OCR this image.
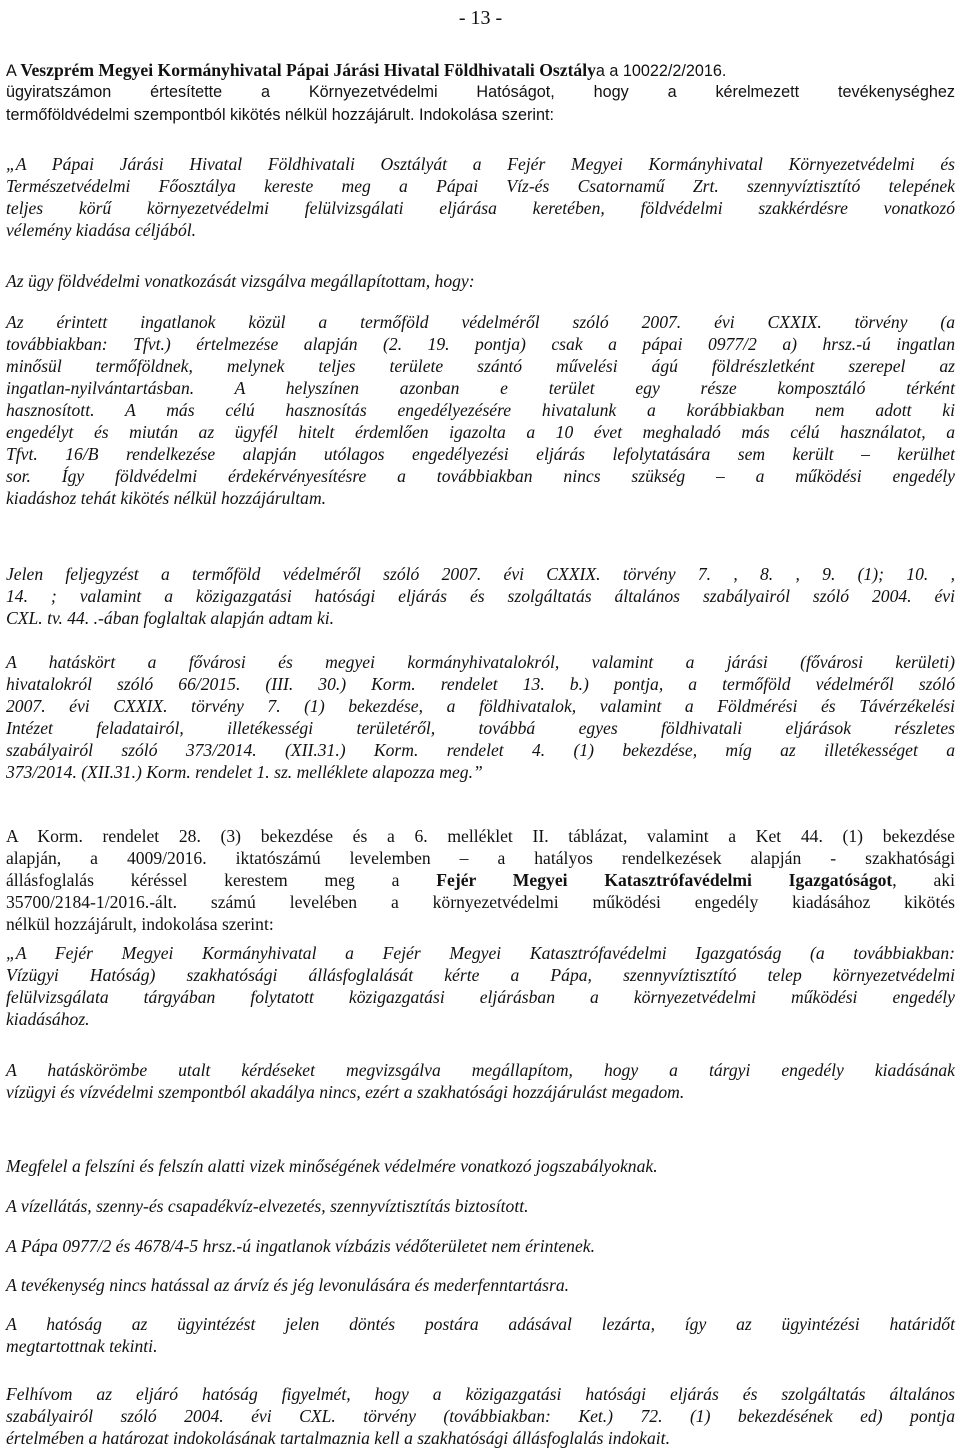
- 13 -
A Veszprém Megyei Kormányhivatal Pápai Járási Hivatal Földhivatali Osztálya a 10022/2/2016.
ügyiratszámon értesítette a Környezetvédelmi Hatóságot, hogy a kérelmezett tevékenységhez
termőföldvédelmi szempontból kikötés nélkül hozzájárult. Indokolása szerint:
„A Pápai Járási Hivatal Földhivatali Osztályát a Fejér Megyei Kormányhivatal Környezetvédelmi és
Természetvédelmi Főosztálya kereste meg a Pápai Víz-és Csatornamű Zrt. szennyvíztisztító telepének
teljes körű környezetvédelmi felülvizsgálati eljárása keretében, földvédelmi szakkérdésre vonatkozó
vélemény kiadása céljából.
Az ügy földvédelmi vonatkozását vizsgálva megállapítottam, hogy:
Az érintett ingatlanok közül a termőföld védelméről szóló 2007. évi CXXIX. törvény (a
továbbiakban: Tfvt.) értelmezése alapján (2. 19. pontja) csak a pápai 0977/2 a) hrsz.-ú ingatlan
minősül termőföldnek, melynek teljes területe szántó művelési ágú földrészletként szerepel az
ingatlan-nyilvántartásban. A helyszínen azonban e terület egy része komposztáló térként
hasznosított. A más célú hasznosítás engedélyezésére hivatalunk a korábbiakban nem adott ki
engedélyt és miután az ügyfél hitelt érdemlően igazolta a 10 évet meghaladó más célú használatot, a
Tfvt. 16/B rendelkezése alapján utólagos engedélyezési eljárás lefolytatására sem került – kerülhet
sor. Így földvédelmi érdekérvényesítésre a továbbiakban nincs szükség – a működési engedély
kiadáshoz tehát kikötés nélkül hozzájárultam.
Jelen feljegyzést a termőföld védelméről szóló 2007. évi CXXIX. törvény 7. , 8. , 9. (1); 10. ,
14. ; valamint a közigazgatási hatósági eljárás és szolgáltatás általános szabályairól szóló 2004. évi
CXL. tv. 44. .-ában foglaltak alapján adtam ki.
A hatáskört a fővárosi és megyei kormányhivatalokról, valamint a járási (fővárosi kerületi)
hivatalokról szóló 66/2015. (III. 30.) Korm. rendelet 13. b.) pontja, a termőföld védelméről szóló
2007. évi CXXIX. törvény 7. (1) bekezdése, a földhivatalok, valamint a Földmérési és Távérzékelési
Intézet feladatairól, illetékességi területéről, továbbá egyes földhivatali eljárások részletes
szabályairól szóló 373/2014. (XII.31.) Korm. rendelet 4. (1) bekezdése, míg az illetékességet a
373/2014. (XII.31.) Korm. rendelet 1. sz. melléklete alapozza meg.”
A Korm. rendelet 28. (3) bekezdése és a 6. melléklet II. táblázat, valamint a Ket 44. (1) bekezdése
alapján, a 4009/2016. iktatószámú levelemben – a hatályos rendelkezések alapján - szakhatósági
állásfoglalás kéréssel kerestem meg a Fejér Megyei Katasztrófavédelmi Igazgatóságot, aki
35700/2184-1/2016.-ált. számú levelében a környezetvédelmi működési engedély kiadásához kikötés
nélkül hozzájárult, indokolása szerint:
„A Fejér Megyei Kormányhivatal a Fejér Megyei Katasztrófavédelmi Igazgatóság (a továbbiakban:
Vízügyi Hatóság) szakhatósági állásfoglalását kérte a Pápa, szennyvíztisztító telep környezetvédelmi
felülvizsgálata tárgyában folytatott közigazgatási eljárásban a környezetvédelmi működési engedély
kiadásához.
A hatáskörömbe utalt kérdéseket megvizsgálva megállapítom, hogy a tárgyi engedély kiadásának
vízügyi és vízvédelmi szempontból akadálya nincs, ezért a szakhatósági hozzájárulást megadom.
Megfelel a felszíni és felszín alatti vizek minőségének védelmére vonatkozó jogszabályoknak.
A vízellátás, szenny-és csapadékvíz-elvezetés, szennyvíztisztítás biztosított.
A Pápa 0977/2 és 4678/4-5 hrsz.-ú ingatlanok vízbázis védőterületet nem érintenek.
A tevékenység nincs hatással az árvíz és jég levonulására és mederfenntartásra.
A hatóság az ügyintézést jelen döntés postára adásával lezárta, így az ügyintézési határidőt
megtartottnak tekinti.
Felhívom az eljáró hatóság figyelmét, hogy a közigazgatási hatósági eljárás és szolgáltatás általános
szabályairól szóló 2004. évi CXL. törvény (továbbiakban: Ket.) 72. (1) bekezdésének ed) pontja
értelmében a határozat indokolásának tartalmaznia kell a szakhatósági állásfoglalás indokait.
